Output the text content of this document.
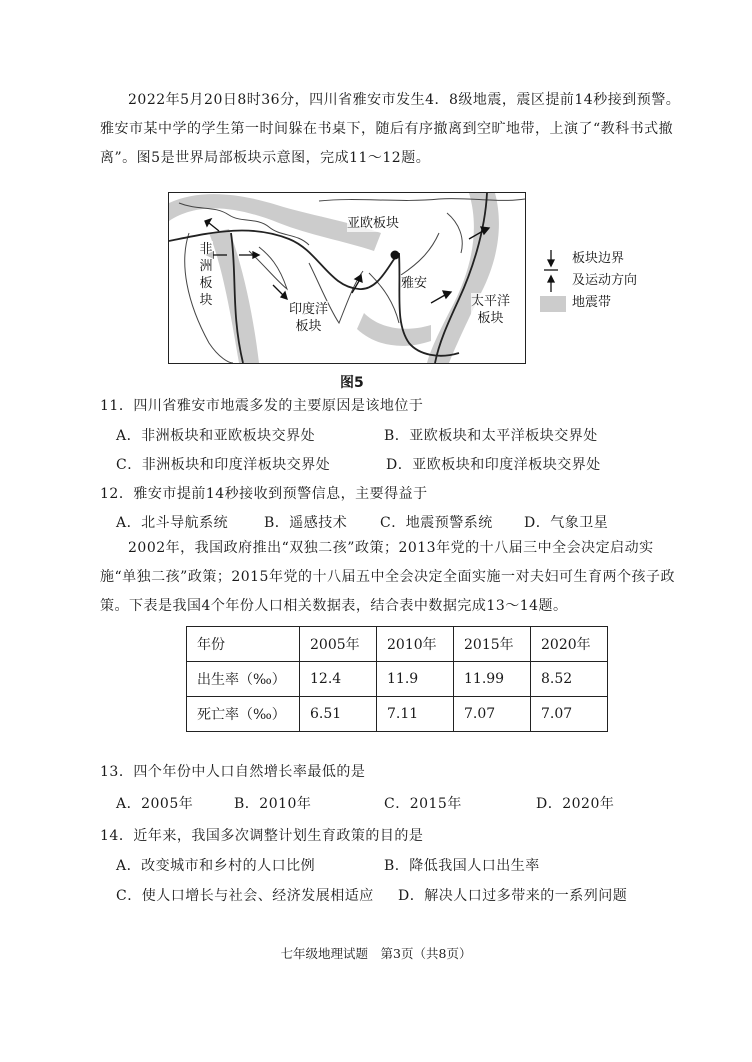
2022年5月20日8时36分，四川省雅安市发生4．8级地震，震区提前14秒接到预警。雅安市某中学的学生第一时间躲在书桌下，随后有序撤离到空旷地带，上演了“教科书式撤离”。图5是世界局部板块示意图，完成11～12题。

亚欧板块
雅安
非
洲
板
块
印度洋
板块
太平洋
板块
板块边界
及运动方向
地震带
图5
11．四川省雅安市地震多发的主要原因是该地位于
A．非洲板块和亚欧板块交界处	B．亚欧板块和太平洋板块交界处
C．非洲板块和印度洋板块交界处	D．亚欧板块和印度洋板块交界处
12．雅安市提前14秒接收到预警信息，主要得益于
A．北斗导航系统	B．遥感技术 C．地震预警系统 D．气象卫星

2002年，我国政府推出“双独二孩”政策；2013年党的十八届三中全会决定启动实施“单独二孩”政策；2015年党的十八届五中全会决定全面实施一对夫妇可生育两个孩子政策。下表是我国4个年份人口相关数据表，结合表中数据完成13～14题。

年份	2005年	2010年	2015年	2020年
出生率（‰）	12.4	11.9	11.99	8.52
死亡率（‰）	6.51	7.11	7.07	7.07
13．四个年份中人口自然增长率最低的是
A．2005年	B．2010年	C．2015年	D．2020年
14．近年来，我国多次调整计划生育政策的目的是
A．改变城市和乡村的人口比例	B．降低我国人口出生率
C．使人口增长与社会、经济发展相适应 D．解决人口过多带来的一系列问题
七年级地理试题　第3页（共8页）
